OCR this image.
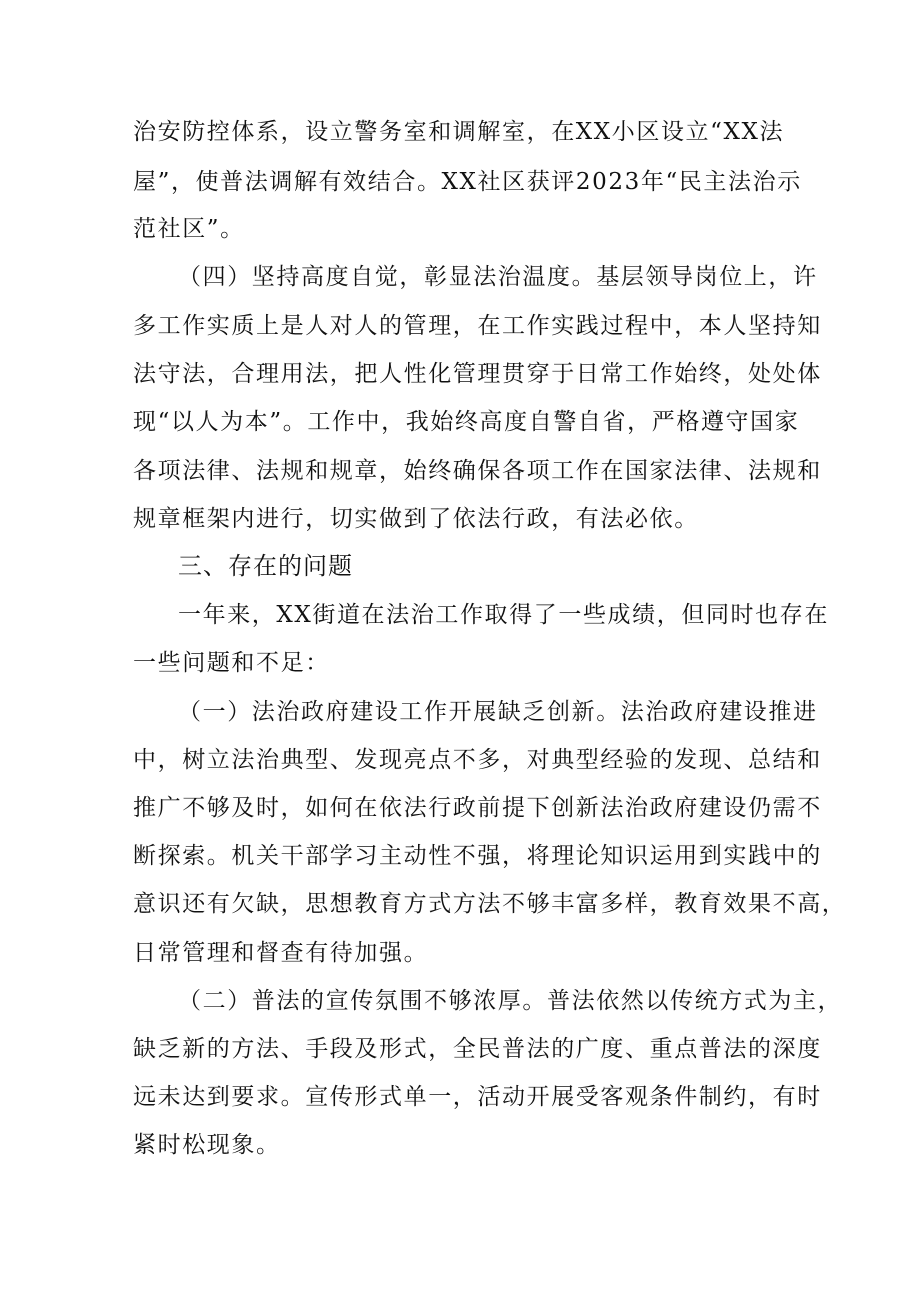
治安防控体系，设立警务室和调解室，在XX小区设立“XX法
屋”，使普法调解有效结合。XX社区获评2023年“民主法治示
范社区”。
（四）坚持高度自觉，彰显法治温度。基层领导岗位上，许
多工作实质上是人对人的管理，在工作实践过程中，本人坚持知
法守法，合理用法，把人性化管理贯穿于日常工作始终，处处体
现“以人为本”。工作中，我始终高度自警自省，严格遵守国家
各项法律、法规和规章，始终确保各项工作在国家法律、法规和
规章框架内进行，切实做到了依法行政，有法必依。
三、存在的问题
一年来，XX街道在法治工作取得了一些成绩，但同时也存在
一些问题和不足：
（一）法治政府建设工作开展缺乏创新。法治政府建设推进
中，树立法治典型、发现亮点不多，对典型经验的发现、总结和
推广不够及时，如何在依法行政前提下创新法治政府建设仍需不
断探索。机关干部学习主动性不强，将理论知识运用到实践中的
意识还有欠缺，思想教育方式方法不够丰富多样，教育效果不高，
日常管理和督查有待加强。
（二）普法的宣传氛围不够浓厚。普法依然以传统方式为主，
缺乏新的方法、手段及形式，全民普法的广度、重点普法的深度
远未达到要求。宣传形式单一，活动开展受客观条件制约，有时
紧时松现象。
